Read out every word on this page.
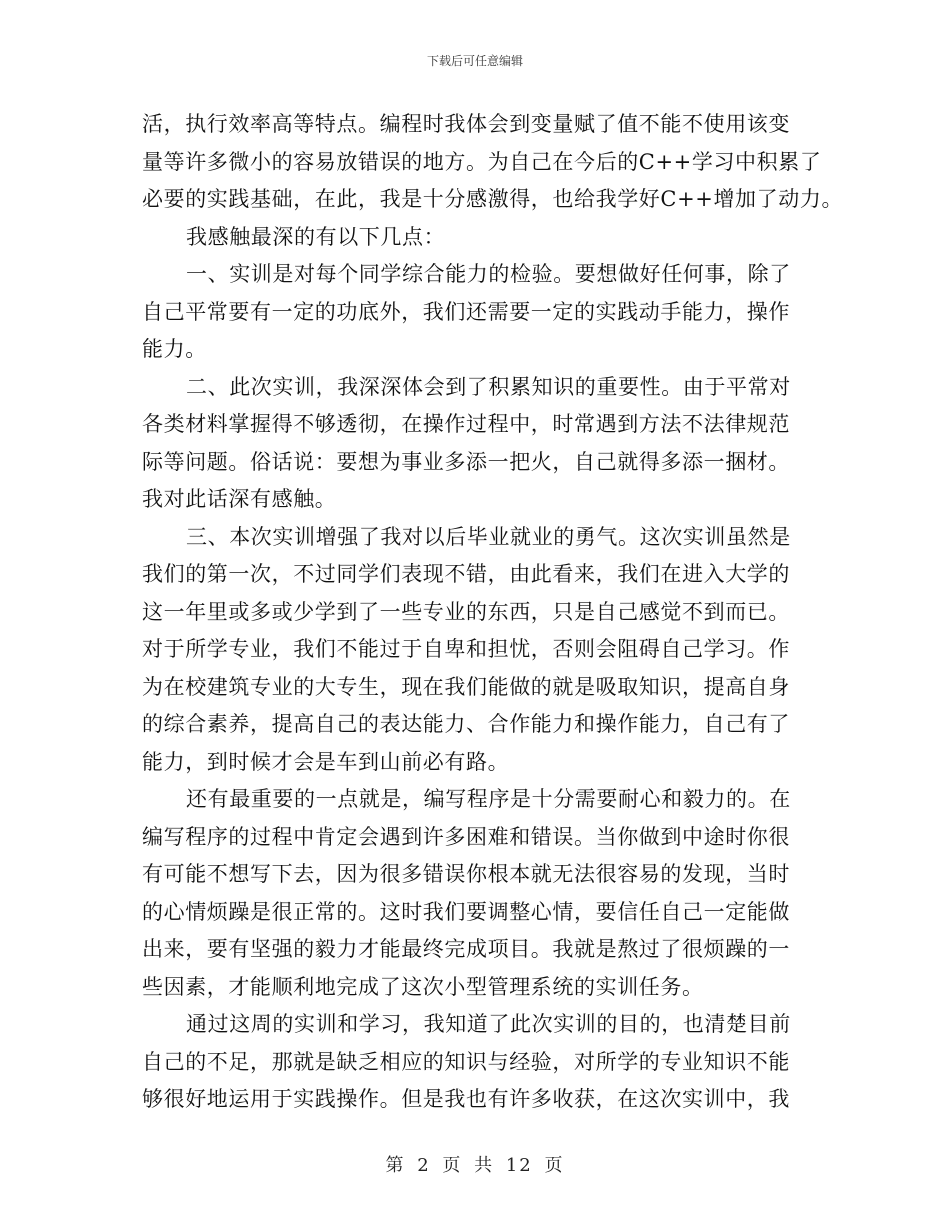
下载后可任意编辑
活，执行效率高等特点。编程时我体会到变量赋了值不能不使用该变
量等许多微小的容易放错误的地方。为自己在今后的C++学习中积累了
必要的实践基础，在此，我是十分感激得，也给我学好C++增加了动力。
我感触最深的有以下几点：
一、实训是对每个同学综合能力的检验。要想做好任何事，除了
自己平常要有一定的功底外，我们还需要一定的实践动手能力，操作
能力。
二、此次实训，我深深体会到了积累知识的重要性。由于平常对
各类材料掌握得不够透彻，在操作过程中，时常遇到方法不法律规范
际等问题。俗话说：要想为事业多添一把火，自己就得多添一捆材。
我对此话深有感触。
三、本次实训增强了我对以后毕业就业的勇气。这次实训虽然是
我们的第一次，不过同学们表现不错，由此看来，我们在进入大学的
这一年里或多或少学到了一些专业的东西，只是自己感觉不到而已。
对于所学专业，我们不能过于自卑和担忧，否则会阻碍自己学习。作
为在校建筑专业的大专生，现在我们能做的就是吸取知识，提高自身
的综合素养，提高自己的表达能力、合作能力和操作能力，自己有了
能力，到时候才会是车到山前必有路。
还有最重要的一点就是，编写程序是十分需要耐心和毅力的。在
编写程序的过程中肯定会遇到许多困难和错误。当你做到中途时你很
有可能不想写下去，因为很多错误你根本就无法很容易的发现，当时
的心情烦躁是很正常的。这时我们要调整心情，要信任自己一定能做
出来，要有坚强的毅力才能最终完成项目。我就是熬过了很烦躁的一
些因素，才能顺利地完成了这次小型管理系统的实训任务。
通过这周的实训和学习，我知道了此次实训的目的，也清楚目前
自己的不足，那就是缺乏相应的知识与经验，对所学的专业知识不能
够很好地运用于实践操作。但是我也有许多收获，在这次实训中，我
第 2 页 共 12 页
